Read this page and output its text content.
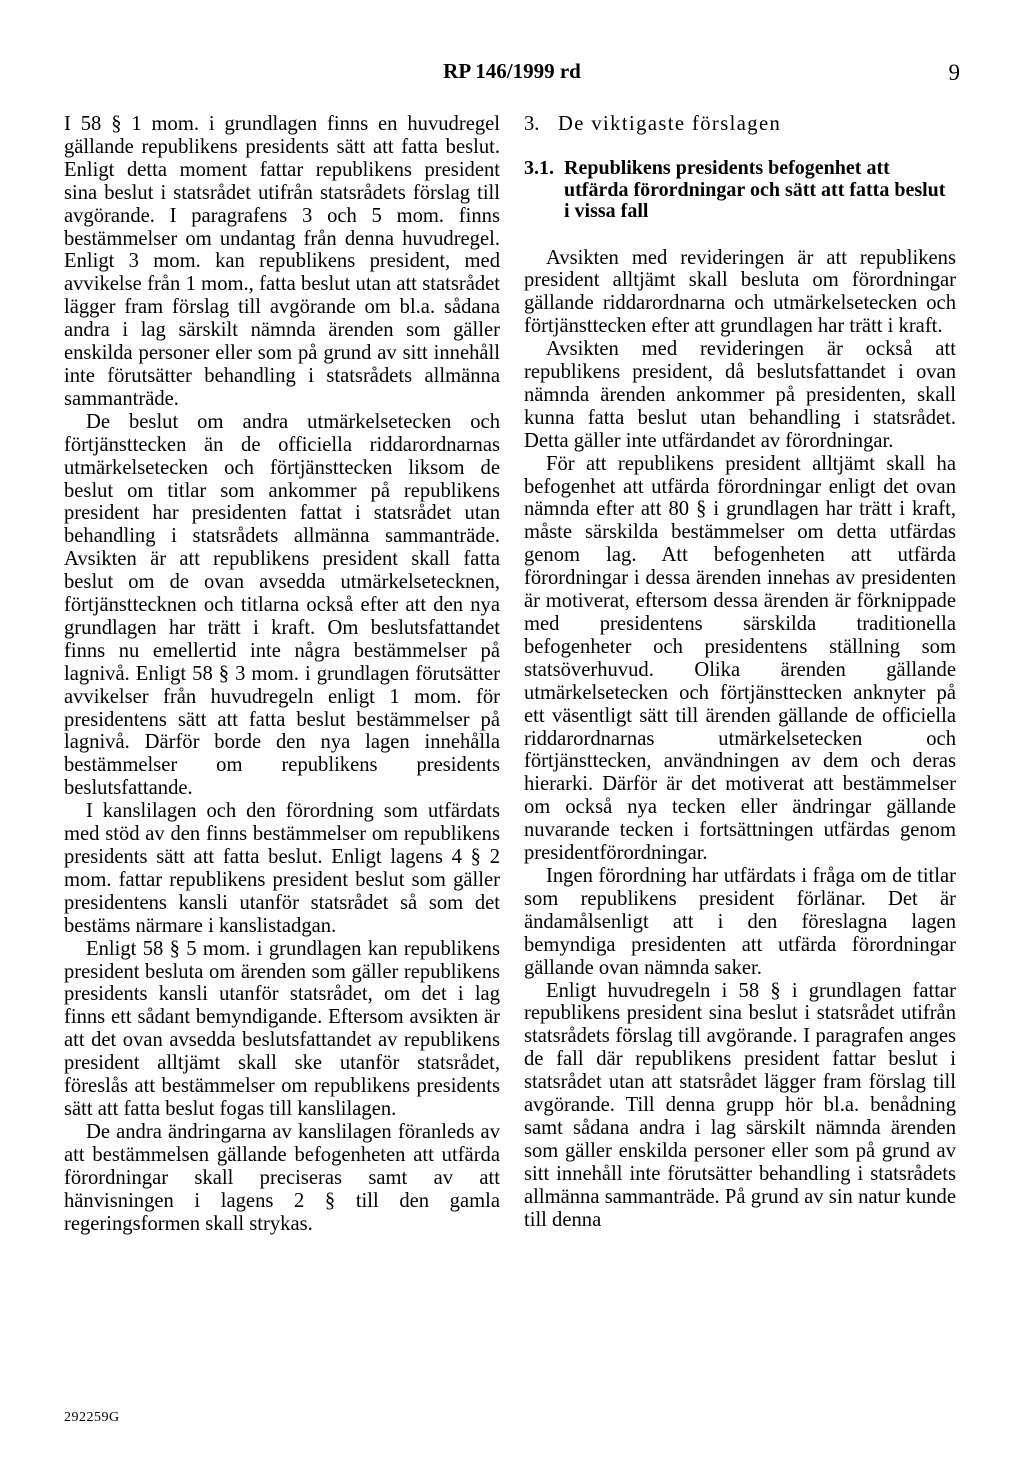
RP 146/1999 rd	9

I 58 § 1 mom. i grundlagen finns en huvudregel gällande republikens presidents sätt att fatta beslut. Enligt detta moment fattar republikens president sina beslut i statsrådet utifrån statsrådets förslag till avgörande. I paragrafens 3 och 5 mom. finns bestämmelser om undantag från denna huvudregel. Enligt 3 mom. kan republikens president, med avvikelse från 1 mom., fatta beslut utan att statsrådet lägger fram förslag till avgörande om bl.a. sådana andra i lag särskilt nämnda ärenden som gäller enskilda personer eller som på grund av sitt innehåll inte förutsätter behandling i statsrådets allmänna sammanträde.

De beslut om andra utmärkelsetecken och förtjänsttecken än de officiella riddarordnarnas utmärkelsetecken och förtjänsttecken liksom de beslut om titlar som ankommer på republikens president har presidenten fattat i statsrådet utan behandling i statsrådets allmänna sammanträde. Avsikten är att republikens president skall fatta beslut om de ovan avsedda utmärkelsetecknen, förtjänsttecknen och titlarna också efter att den nya grundlagen har trätt i kraft. Om beslutsfattandet finns nu emellertid inte några bestämmelser på lagnivå. Enligt 58 § 3 mom. i grundlagen förutsätter avvikelser från huvudregeln enligt 1 mom. för presidentens sätt att fatta beslut bestämmelser på lagnivå. Därför borde den nya lagen innehålla bestämmelser om republikens presidents beslutsfattande.

I kanslilagen och den förordning som utfärdats med stöd av den finns bestämmelser om republikens presidents sätt att fatta beslut. Enligt lagens 4 § 2 mom. fattar republikens president beslut som gäller presidentens kansli utanför statsrådet så som det bestäms närmare i kanslistadgan.

Enligt 58 § 5 mom. i grundlagen kan republikens president besluta om ärenden som gäller republikens presidents kansli utanför statsrådet, om det i lag finns ett sådant bemyndigande. Eftersom avsikten är att det ovan avsedda beslutsfattandet av republikens president alltjämt skall ske utanför statsrådet, föreslås att bestämmelser om republikens presidents sätt att fatta beslut fogas till kanslilagen.

De andra ändringarna av kanslilagen föranleds av att bestämmelsen gällande befogenheten att utfärda förordningar skall preciseras samt av att hänvisningen i lagens 2 § till den gamla regeringsformen skall strykas.

3. De viktigaste förslagen
3.1. Republikens presidents befogenhet att utfärda förordningar och sätt att fatta beslut i vissa fall

Avsikten med revideringen är att republikens president alltjämt skall besluta om förordningar gällande riddarordnarna och utmärkelsetecken och förtjänsttecken efter att grundlagen har trätt i kraft.

Avsikten med revideringen är också att republikens president, då beslutsfattandet i ovan nämnda ärenden ankommer på presidenten, skall kunna fatta beslut utan behandling i statsrådet. Detta gäller inte utfärdandet av förordningar.

För att republikens president alltjämt skall ha befogenhet att utfärda förordningar enligt det ovan nämnda efter att 80 § i grundlagen har trätt i kraft, måste särskilda bestämmelser om detta utfärdas genom lag. Att befogenheten att utfärda förordningar i dessa ärenden innehas av presidenten är motiverat, eftersom dessa ärenden är förknippade med presidentens särskilda traditionella befogenheter och presidentens ställning som statsöverhuvud. Olika ärenden gällande utmärkelsetecken och förtjänsttecken anknyter på ett väsentligt sätt till ärenden gällande de officiella riddarordnarnas utmärkelsetecken och förtjänsttecken, användningen av dem och deras hierarki. Därför är det motiverat att bestämmelser om också nya tecken eller ändringar gällande nuvarande tecken i fortsättningen utfärdas genom presidentförordningar.

Ingen förordning har utfärdats i fråga om de titlar som republikens president förlänar. Det är ändamålsenligt att i den föreslagna lagen bemyndiga presidenten att utfärda förordningar gällande ovan nämnda saker.

Enligt huvudregeln i 58 § i grundlagen fattar republikens president sina beslut i statsrådet utifrån statsrådets förslag till avgörande. I paragrafen anges de fall där republikens president fattar beslut i statsrådet utan att statsrådet lägger fram förslag till avgörande. Till denna grupp hör bl.a. benådning samt sådana andra i lag särskilt nämnda ärenden som gäller enskilda personer eller som på grund av sitt innehåll inte förutsätter behandling i statsrådets allmänna sammanträde. På grund av sin natur kunde till denna

292259G
